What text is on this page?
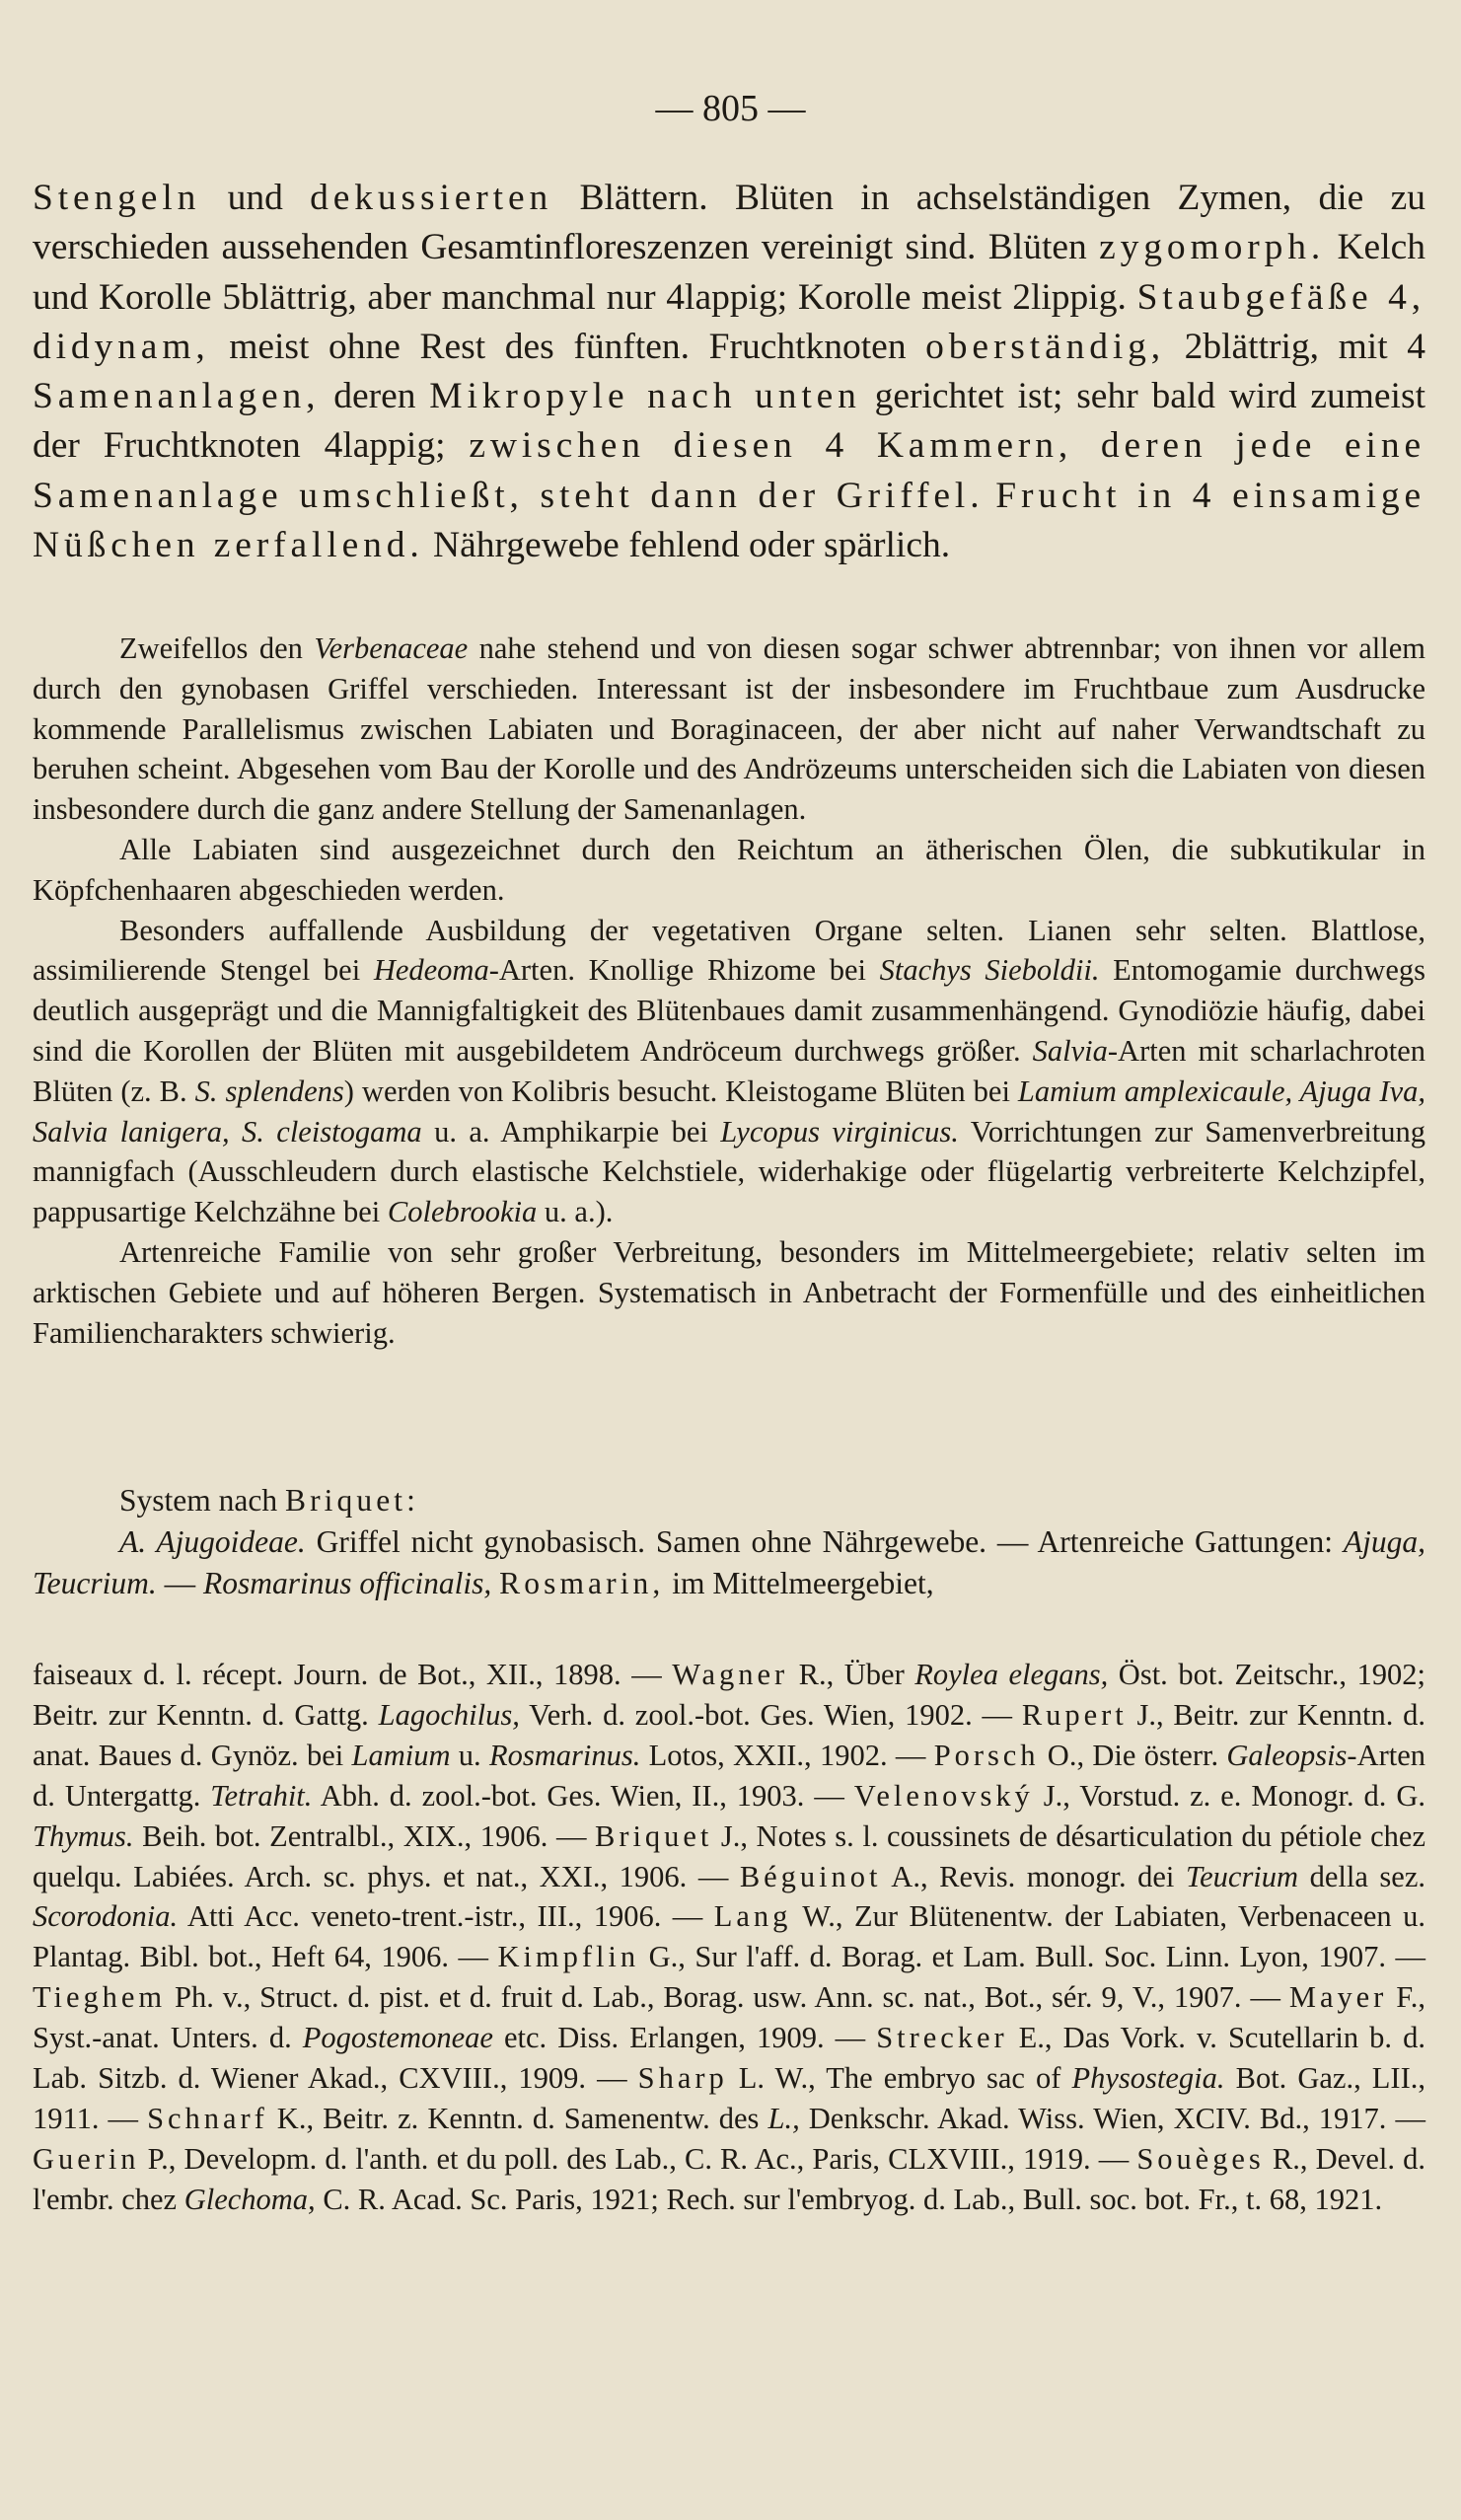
— 805 —
Stengeln und dekussierten Blättern. Blüten in achselständigen Zymen, die zu verschieden aussehenden Gesamtinfloreszenzen vereinigt sind. Blüten zygomorph. Kelch und Korolle 5blättrig, aber manchmal nur 4lappig; Korolle meist 2lippig. Staubgefäße 4, didynam, meist ohne Rest des fünften. Fruchtknoten oberständig, 2blättrig, mit 4 Samenanlagen, deren Mikropyle nach unten gerichtet ist; sehr bald wird zumeist der Fruchtknoten 4lappig; zwischen diesen 4 Kammern, deren jede eine Samenanlage umschließt, steht dann der Griffel. Frucht in 4 einsamige Nüßchen zerfallend. Nährgewebe fehlend oder spärlich.

Zweifellos den Verbenaceae nahe stehend und von diesen sogar schwer abtrennbar; von ihnen vor allem durch den gynobasen Griffel verschieden. Interessant ist der insbesondere im Fruchtbaue zum Ausdrucke kommende Parallelismus zwischen Labiaten und Boraginaceen, der aber nicht auf naher Verwandtschaft zu beruhen scheint. Abgesehen vom Bau der Korolle und des Andrözeums unterscheiden sich die Labiaten von diesen insbesondere durch die ganz andere Stellung der Samenanlagen.

Alle Labiaten sind ausgezeichnet durch den Reichtum an ätherischen Ölen, die subkutikular in Köpfchenhaaren abgeschieden werden.

Besonders auffallende Ausbildung der vegetativen Organe selten. Lianen sehr selten. Blattlose, assimilierende Stengel bei Hedeoma-Arten. Knollige Rhizome bei Stachys Sieboldii. Entomogamie durchwegs deutlich ausgeprägt und die Mannigfaltigkeit des Blütenbaues damit zusammenhängend. Gynodiözie häufig, dabei sind die Korollen der Blüten mit ausgebildetem Andröceum durchwegs größer. Salvia-Arten mit scharlachroten Blüten (z. B. S. splendens) werden von Kolibris besucht. Kleistogame Blüten bei Lamium amplexicaule, Ajuga Iva, Salvia lanigera, S. cleistogama u. a. Amphikarpie bei Lycopus virginicus. Vorrichtungen zur Samenverbreitung mannigfach (Ausschleudern durch elastische Kelchstiele, widerhakige oder flügelartig verbreiterte Kelchzipfel, pappusartige Kelchzähne bei Colebrookia u. a.).

Artenreiche Familie von sehr großer Verbreitung, besonders im Mittelmeergebiete; relativ selten im arktischen Gebiete und auf höheren Bergen. Systematisch in Anbetracht der Formenfülle und des einheitlichen Familiencharakters schwierig.

System nach Briquet:

A. Ajugoideae. Griffel nicht gynobasisch. Samen ohne Nährgewebe. — Artenreiche Gattungen: Ajuga, Teucrium. — Rosmarinus officinalis, Rosmarin, im Mittelmeergebiet,

faiseaux d. l. récept. Journ. de Bot., XII., 1898. — Wagner R., Über Roylea elegans, Öst. bot. Zeitschr., 1902; Beitr. zur Kenntn. d. Gattg. Lagochilus, Verh. d. zool.-bot. Ges. Wien, 1902. — Rupert J., Beitr. zur Kenntn. d. anat. Baues d. Gynöz. bei Lamium u. Rosmarinus. Lotos, XXII., 1902. — Porsch O., Die österr. Galeopsis-Arten d. Untergattg. Tetrahit. Abh. d. zool.-bot. Ges. Wien, II., 1903. — Velenovský J., Vorstud. z. e. Monogr. d. G. Thymus. Beih. bot. Zentralbl., XIX., 1906. — Briquet J., Notes s. l. coussinets de désarticulation du pétiole chez quelqu. Labiées. Arch. sc. phys. et nat., XXI., 1906. — Béguinot A., Revis. monogr. dei Teucrium della sez. Scorodonia. Atti Acc. veneto-trent.-istr., III., 1906. — Lang W., Zur Blütenentw. der Labiaten, Verbenaceen u. Plantag. Bibl. bot., Heft 64, 1906. — Kimpflin G., Sur l'aff. d. Borag. et Lam. Bull. Soc. Linn. Lyon, 1907. — Tieghem Ph. v., Struct. d. pist. et d. fruit d. Lab., Borag. usw. Ann. sc. nat., Bot., sér. 9, V., 1907. — Mayer F., Syst.-anat. Unters. d. Pogostemoneae etc. Diss. Erlangen, 1909. — Strecker E., Das Vork. v. Scutellarin b. d. Lab. Sitzb. d. Wiener Akad., CXVIII., 1909. — Sharp L. W., The embryo sac of Physostegia. Bot. Gaz., LII., 1911. — Schnarf K., Beitr. z. Kenntn. d. Samenentw. des L., Denkschr. Akad. Wiss. Wien, XCIV. Bd., 1917. — Guerin P., Developm. d. l'anth. et du poll. des Lab., C. R. Ac., Paris, CLXVIII., 1919. — Souèges R., Devel. d. l'embr. chez Glechoma, C. R. Acad. Sc. Paris, 1921; Rech. sur l'embryog. d. Lab., Bull. soc. bot. Fr., t. 68, 1921.
